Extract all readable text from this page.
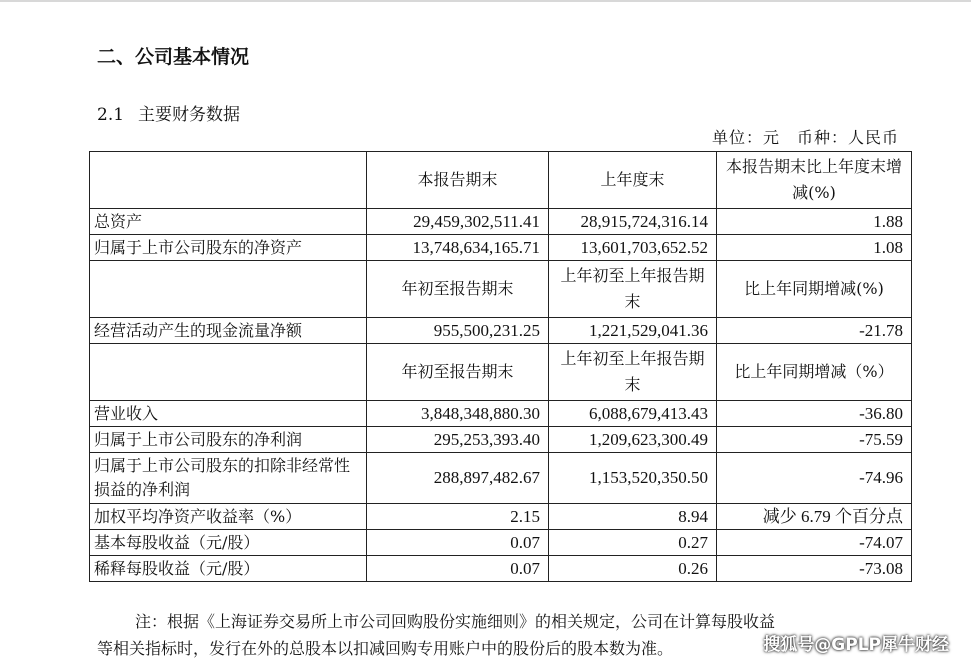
二、公司基本情况
2.1 主要财务数据
单位：元　币种：人民币
	本报告期末	上年度末	本报告期末比上年度末增减(%)
总资产	29,459,302,511.41	28,915,724,316.14	1.88
归属于上市公司股东的净资产	13,748,634,165.71	13,601,703,652.52	1.08
	年初至报告期末	上年初至上年报告期末	比上年同期增减(%)
经营活动产生的现金流量净额	955,500,231.25	1,221,529,041.36	-21.78
	年初至报告期末	上年初至上年报告期末	比上年同期增减（%）
营业收入	3,848,348,880.30	6,088,679,413.43	-36.80
归属于上市公司股东的净利润	295,253,393.40	1,209,623,300.49	-75.59
归属于上市公司股东的扣除非经常性损益的净利润	288,897,482.67	1,153,520,350.50	-74.96
加权平均净资产收益率（%）	2.15	8.94	减少 6.79 个百分点
基本每股收益（元/股）	0.07	0.27	-74.07
稀释每股收益（元/股）	0.07	0.26	-73.08
注：根据《上海证券交易所上市公司回购股份实施细则》的相关规定，公司在计算每股收益
等相关指标时，发行在外的总股本以扣减回购专用账户中的股份后的股本数为准。	搜狐号@GPLP犀牛财经
